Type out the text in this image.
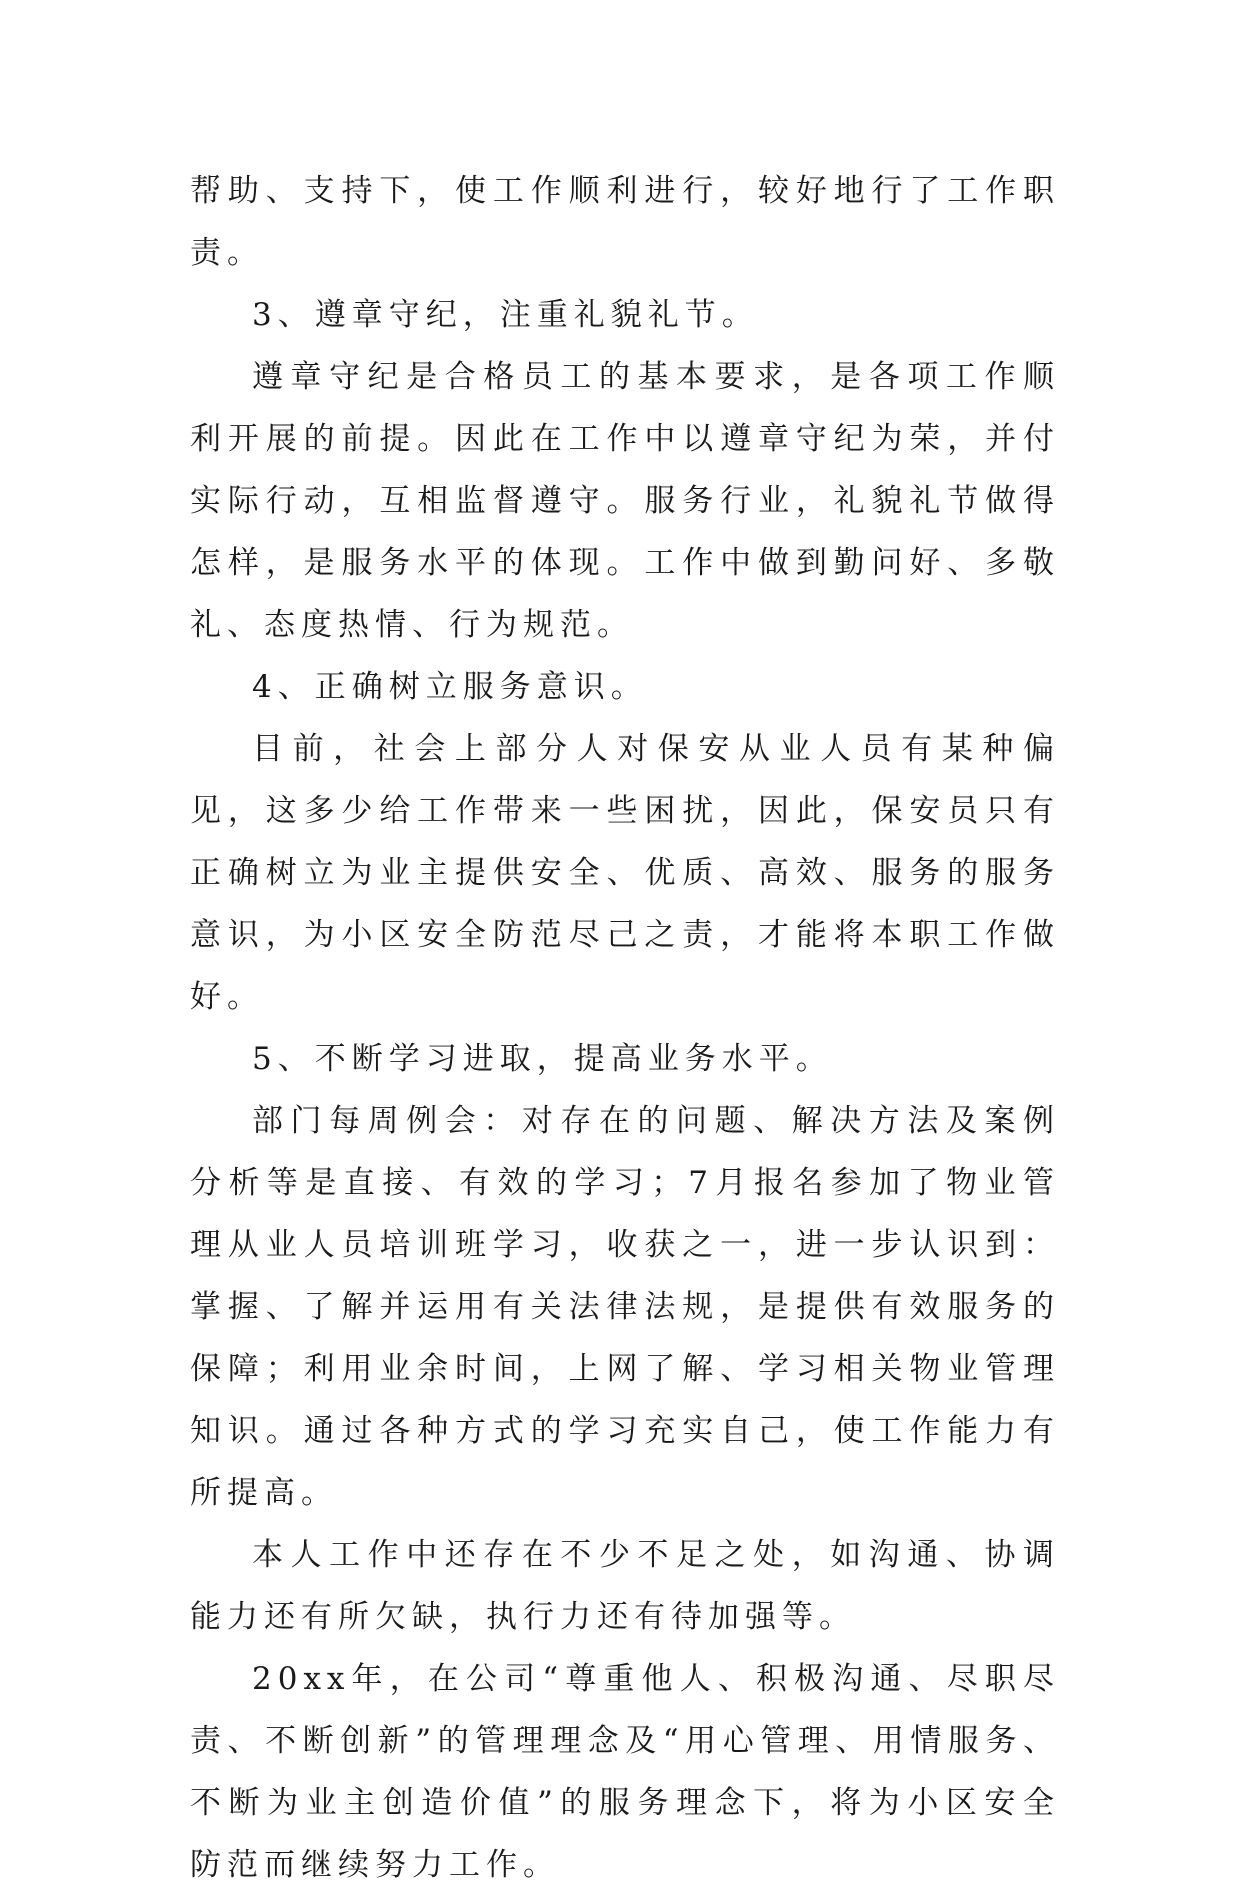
帮助、支持下，使工作顺利进行，较好地行了工作职责。

3、遵章守纪，注重礼貌礼节。

遵章守纪是合格员工的基本要求，是各项工作顺利开展的前提。因此在工作中以遵章守纪为荣，并付实际行动，互相监督遵守。服务行业，礼貌礼节做得怎样，是服务水平的体现。工作中做到勤问好、多敬礼、态度热情、行为规范。

4、正确树立服务意识。

目前，社会上部分人对保安从业人员有某种偏见，这多少给工作带来一些困扰，因此，保安员只有正确树立为业主提供安全、优质、高效、服务的服务意识，为小区安全防范尽己之责，才能将本职工作做好。

5、不断学习进取，提高业务水平。

部门每周例会：对存在的问题、解决方法及案例分析等是直接、有效的学习；7月报名参加了物业管理从业人员培训班学习，收获之一，进一步认识到：掌握、了解并运用有关法律法规，是提供有效服务的保障；利用业余时间，上网了解、学习相关物业管理知识。通过各种方式的学习充实自己，使工作能力有所提高。

本人工作中还存在不少不足之处，如沟通、协调能力还有所欠缺，执行力还有待加强等。

20xx年，在公司“尊重他人、积极沟通、尽职尽责、不断创新”的管理理念及“用心管理、用情服务、不断为业主创造价值”的服务理念下，将为小区安全防范而继续努力工作。
